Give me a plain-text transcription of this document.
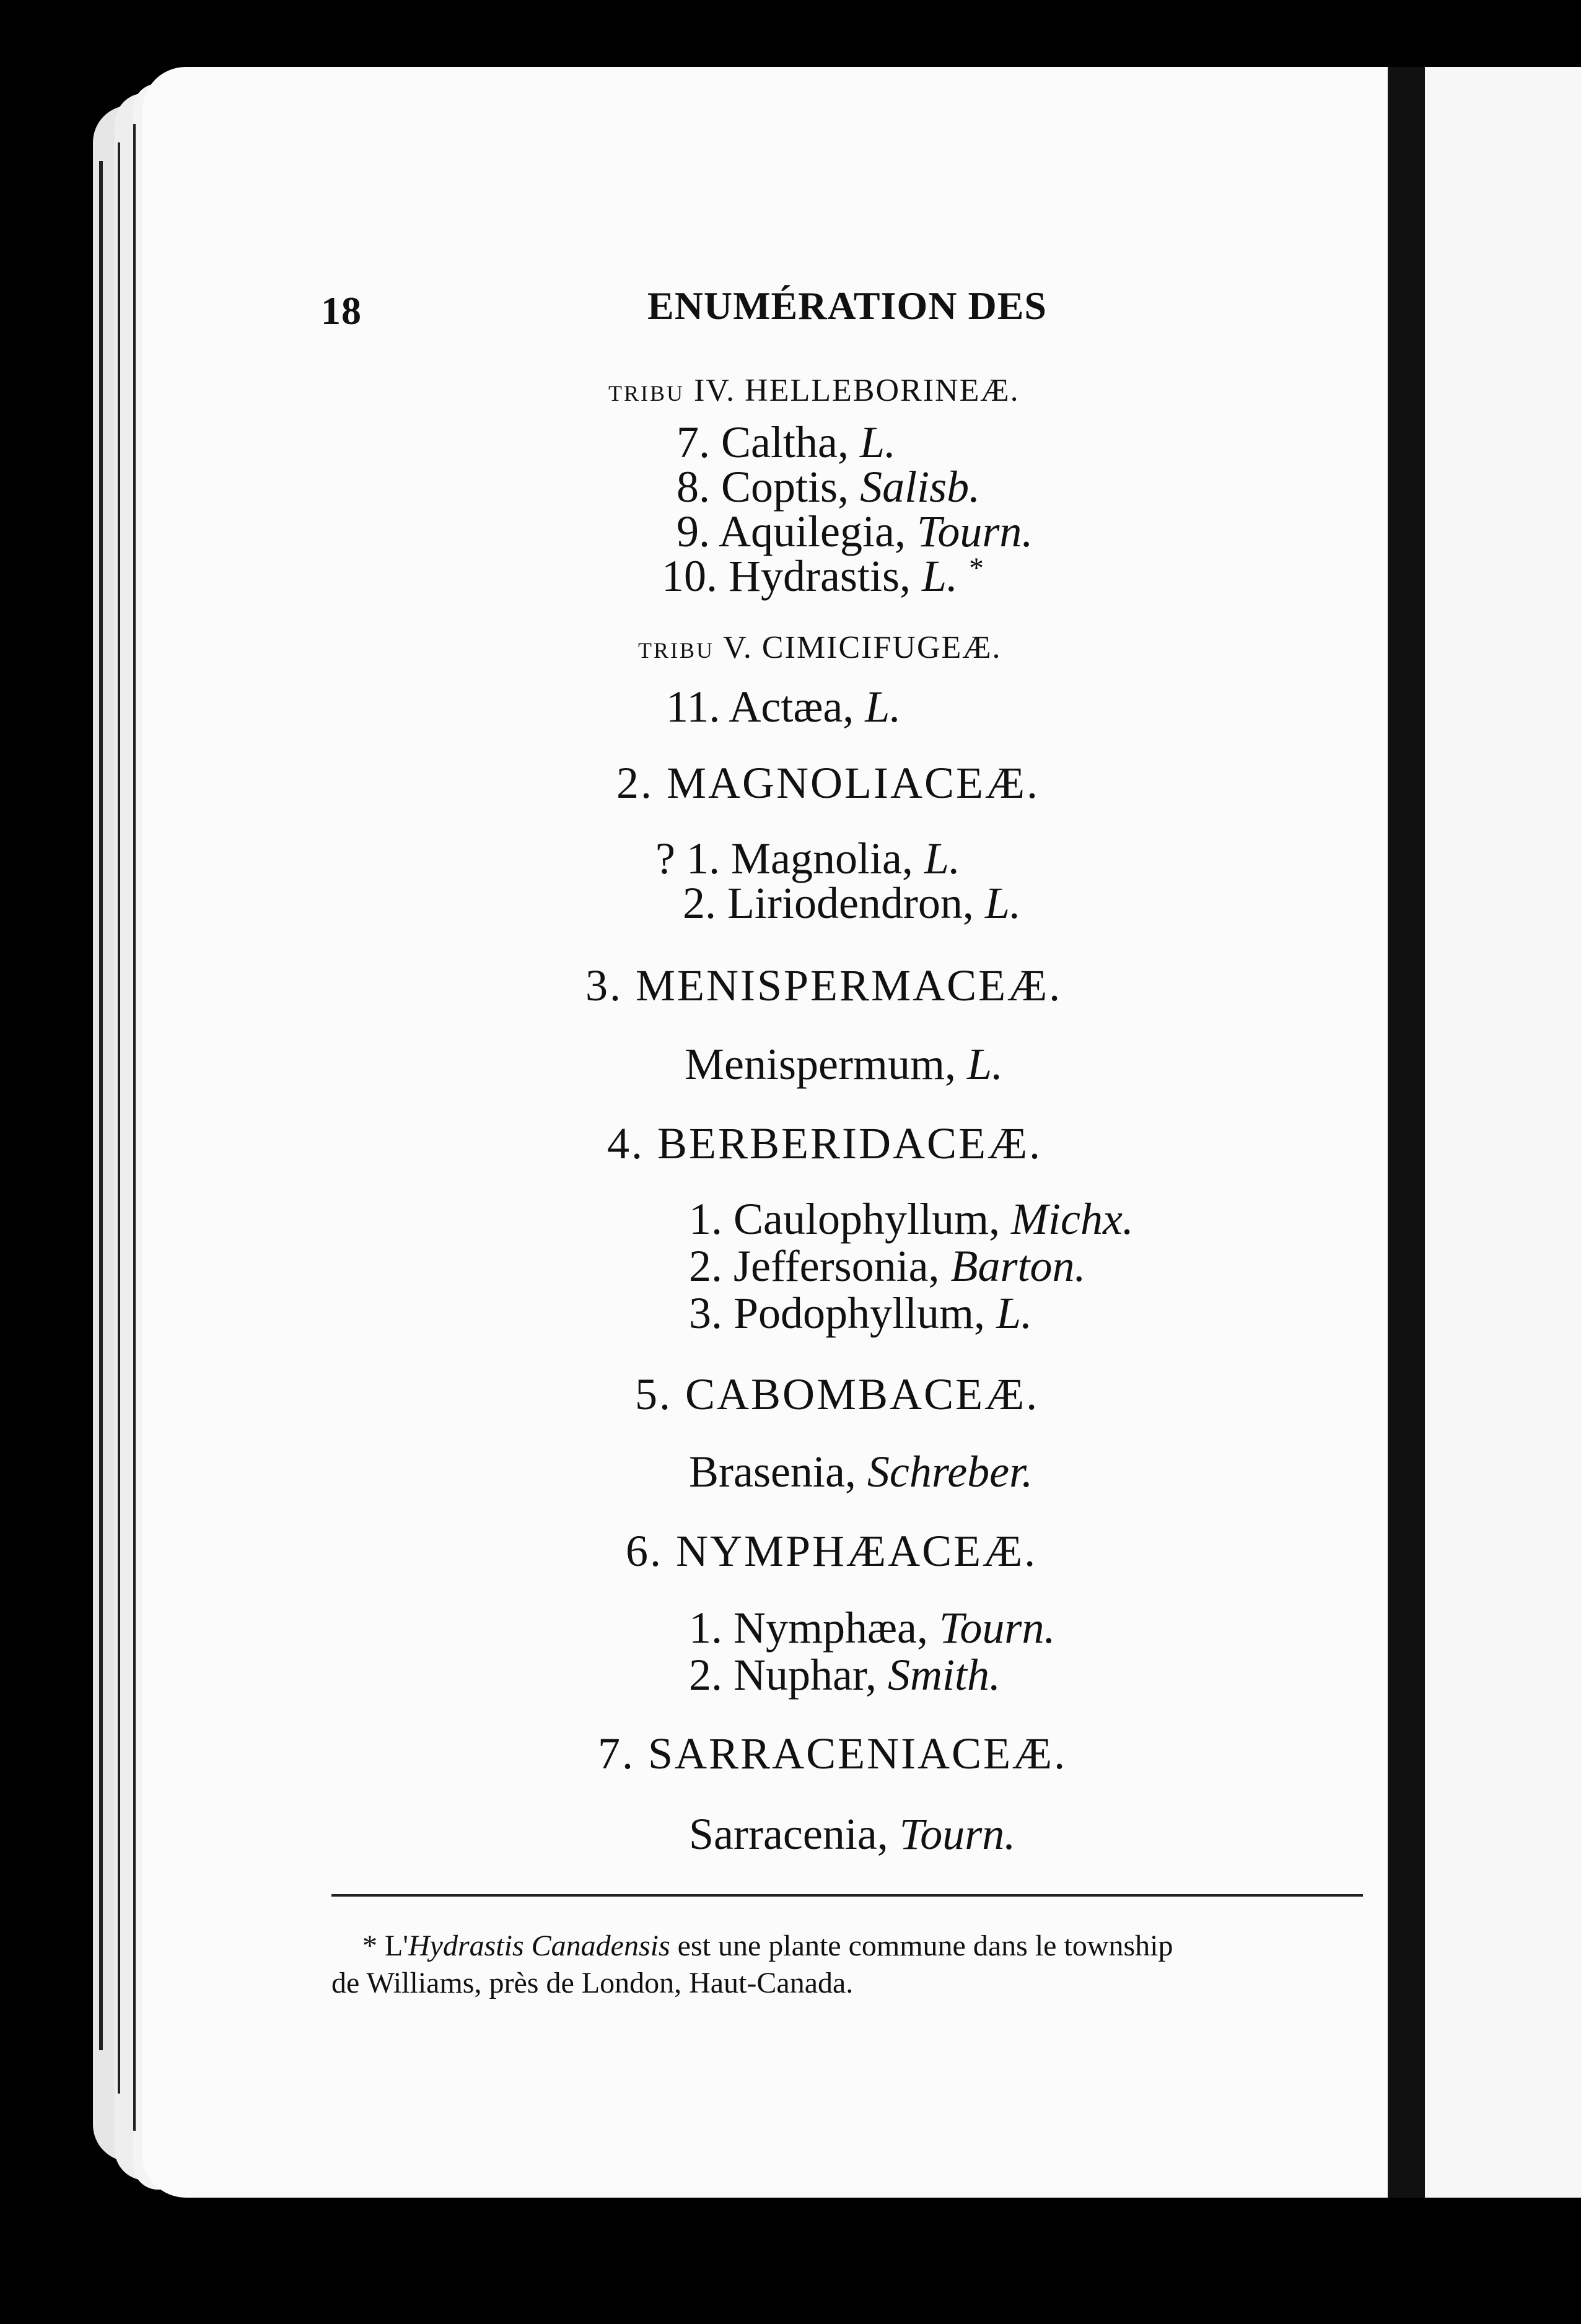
18	ENUMÉRATION DES
TRIBU IV. HELLEBORINEÆ.
7. Caltha, L.
8. Coptis, Salisb.
9. Aquilegia, Tourn.
10. Hydrastis, L. *
TRIBU V. CIMICIFUGEÆ.
11. Actæa, L.
2. MAGNOLIACEÆ.
? 1. Magnolia, L.
2. Liriodendron, L.
3. MENISPERMACEÆ.
Menispermum, L.
4. BERBERIDACEÆ.
1. Caulophyllum, Michx.
2. Jeffersonia, Barton.
3. Podophyllum, L.
5. CABOMBACEÆ.
Brasenia, Schreber.
6. NYMPHÆACEÆ.
1. Nymphæa, Tourn.
2. Nuphar, Smith.
7. SARRACENIACEÆ.
Sarracenia, Tourn.
* L'Hydrastis Canadensis est une plante commune dans le township
de Williams, près de London, Haut-Canada.
